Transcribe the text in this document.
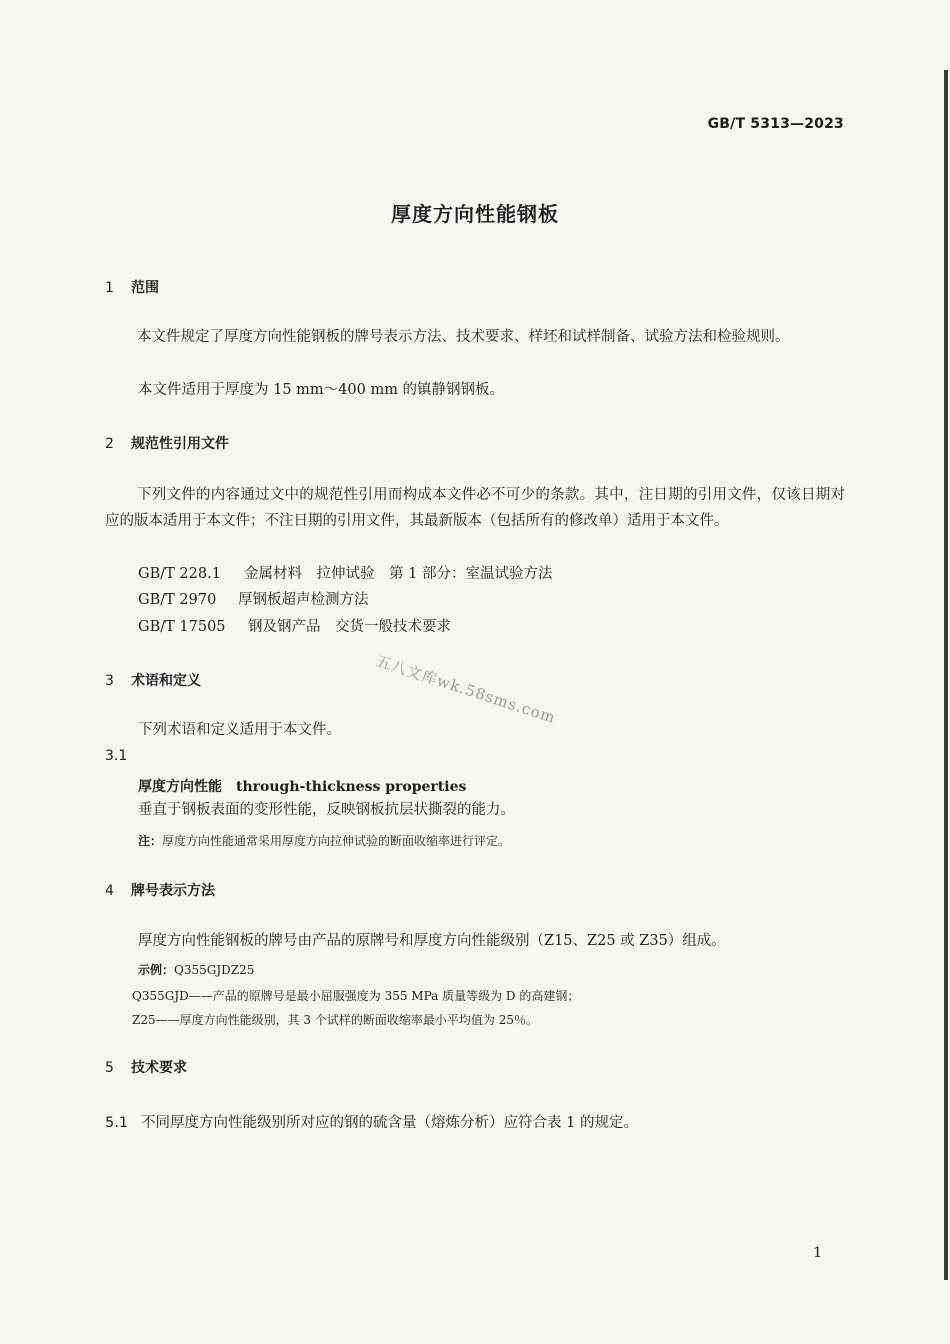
GB/T 5313—2023
厚度方向性能钢板
1 范围
本文件规定了厚度方向性能钢板的牌号表示方法、技术要求、样坯和试样制备、试验方法和检验规则。
本文件适用于厚度为 15 mm～400 mm 的镇静钢钢板。
2 规范性引用文件
下列文件的内容通过文中的规范性引用而构成本文件必不可少的条款。其中，注日期的引用文件，仅该日期对应的版本适用于本文件；不注日期的引用文件，其最新版本（包括所有的修改单）适用于本文件。
GB/T 228.1 金属材料　拉伸试验　第 1 部分：室温试验方法
GB/T 2970 厚钢板超声检测方法
GB/T 17505 钢及钢产品　交货一般技术要求
五八文库wk.58sms.com
3 术语和定义
下列术语和定义适用于本文件。
3.1
厚度方向性能 through-thickness properties
垂直于钢板表面的变形性能，反映钢板抗层状撕裂的能力。
注：厚度方向性能通常采用厚度方向拉伸试验的断面收缩率进行评定。
4 牌号表示方法
厚度方向性能钢板的牌号由产品的原牌号和厚度方向性能级别（Z15、Z25 或 Z35）组成。
示例：Q355GJDZ25
Q355GJD——产品的原牌号是最小屈服强度为 355 MPa 质量等级为 D 的高建钢；
Z25——厚度方向性能级别，其 3 个试样的断面收缩率最小平均值为 25％。
5 技术要求
5.1 不同厚度方向性能级别所对应的钢的硫含量（熔炼分析）应符合表 1 的规定。
1
